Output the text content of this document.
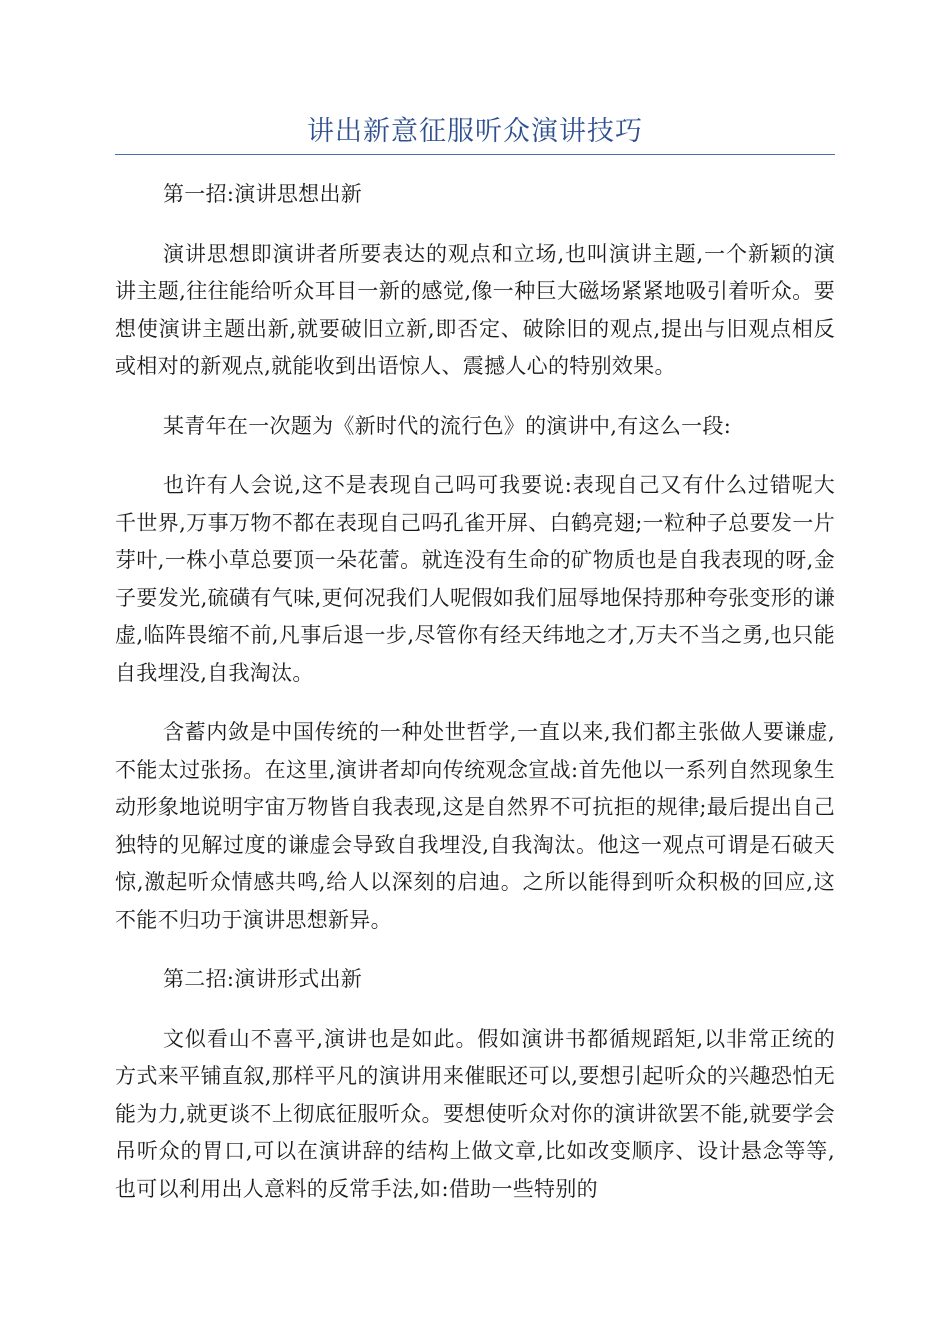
讲出新意征服听众演讲技巧

第一招:演讲思想出新

演讲思想即演讲者所要表达的观点和立场,也叫演讲主题,一个新颖的演讲主题,往往能给听众耳目一新的感觉,像一种巨大磁场紧紧地吸引着听众。要想使演讲主题出新,就要破旧立新,即否定、破除旧的观点,提出与旧观点相反或相对的新观点,就能收到出语惊人、震撼人心的特别效果。

某青年在一次题为《新时代的流行色》的演讲中,有这么一段:

也许有人会说,这不是表现自己吗可我要说:表现自己又有什么过错呢大千世界,万事万物不都在表现自己吗孔雀开屏、白鹤亮翅;一粒种子总要发一片芽叶,一株小草总要顶一朵花蕾。就连没有生命的矿物质也是自我表现的呀,金子要发光,硫磺有气味,更何况我们人呢假如我们屈辱地保持那种夸张变形的谦虚,临阵畏缩不前,凡事后退一步,尽管你有经天纬地之才,万夫不当之勇,也只能自我埋没,自我淘汰。

含蓄内敛是中国传统的一种处世哲学,一直以来,我们都主张做人要谦虚,不能太过张扬。在这里,演讲者却向传统观念宣战:首先他以一系列自然现象生动形象地说明宇宙万物皆自我表现,这是自然界不可抗拒的规律;最后提出自己独特的见解过度的谦虚会导致自我埋没,自我淘汰。他这一观点可谓是石破天惊,激起听众情感共鸣,给人以深刻的启迪。之所以能得到听众积极的回应,这不能不归功于演讲思想新异。

第二招:演讲形式出新

文似看山不喜平,演讲也是如此。假如演讲书都循规蹈矩,以非常正统的方式来平铺直叙,那样平凡的演讲用来催眠还可以,要想引起听众的兴趣恐怕无能为力,就更谈不上彻底征服听众。要想使听众对你的演讲欲罢不能,就要学会吊听众的胃口,可以在演讲辞的结构上做文章,比如改变顺序、设计悬念等等,也可以利用出人意料的反常手法,如:借助一些特别的
